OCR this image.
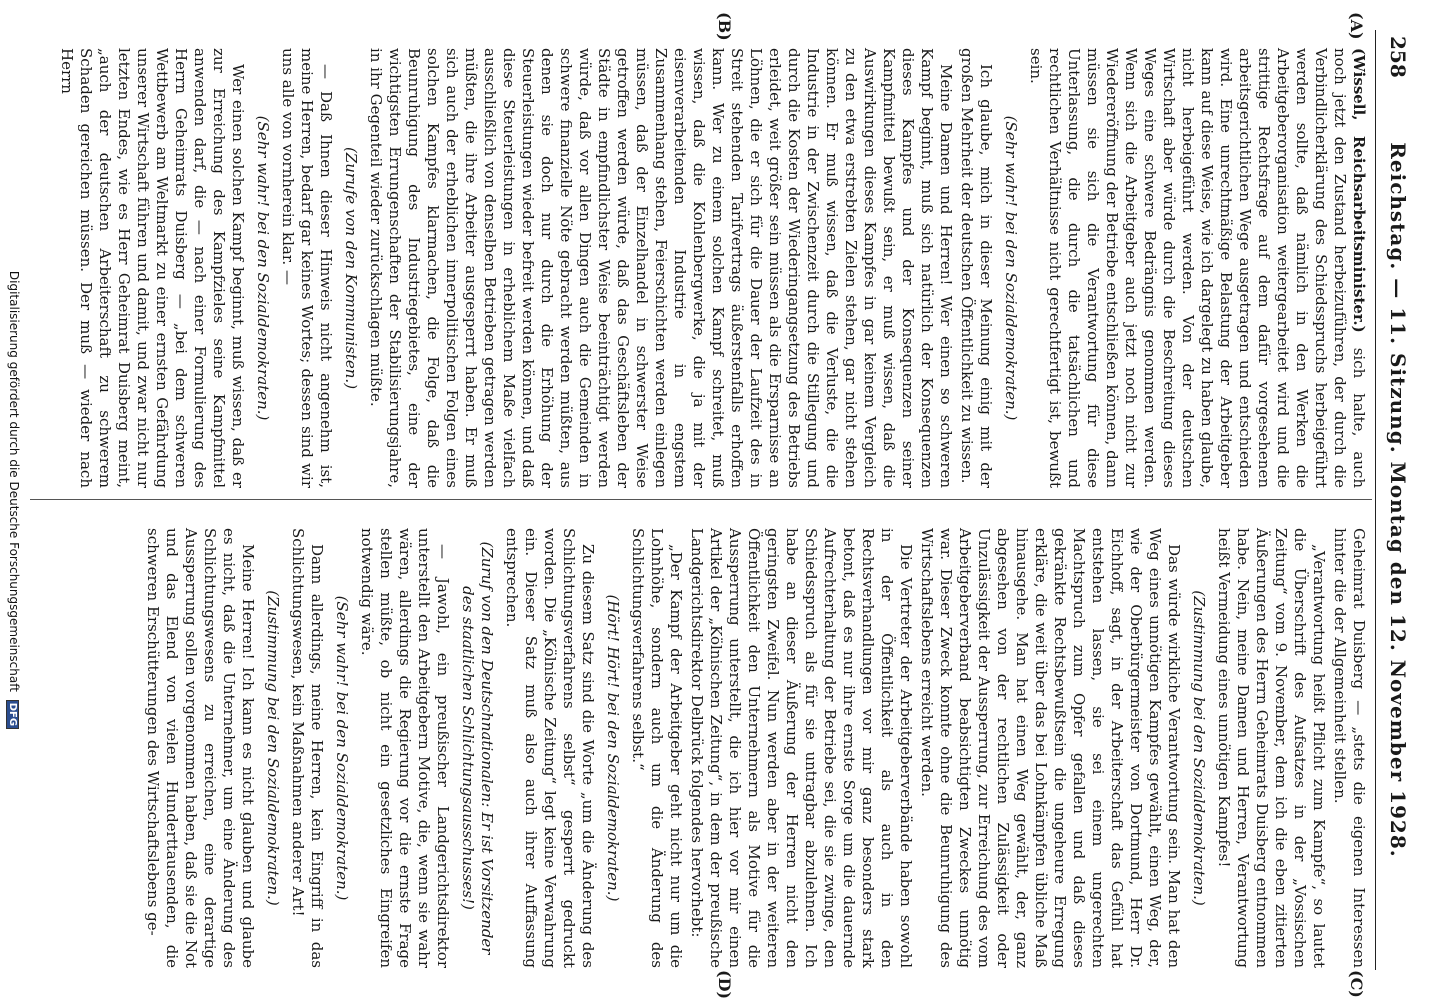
258
Reichstag. — 11. Sitzung. Montag den 12. November 1928.
(A)
(B)
(C)
(D)

(Wissell, Reichsarbeitsminister.) sich halte, auch noch jetzt den Zustand herbeizuführen, der durch die Verbindlicherklärung des Schiedsspruchs herbeigeführt werden sollte, daß nämlich in den Werken die Arbeitgeberorganisation weitergearbeitet wird und die strittige Rechtsfrage auf dem dafür vorgesehenen arbeitsgerichtlichen Wege ausgetragen und entschieden wird. Eine unrechtmäßige Belastung der Arbeitgeber kann auf diese Weise, wie ich dargelegt zu haben glaube, nicht herbeigeführt werden. Von der deutschen Wirtschaft aber würde durch die Beschreitung dieses Weges eine schwere Bedrängnis genommen werden. Wenn sich die Arbeitgeber auch jetzt noch nicht zur Wiedereröffnung der Betriebe entschließen können, dann müssen sie sich die Verantwortung für diese Unterlassung, die durch die tatsächlichen und rechtlichen Verhältnisse nicht gerechtfertigt ist, bewußt sein.

(Sehr wahr! bei den Sozialdemokraten.)

Ich glaube, mich in dieser Meinung einig mit der großen Mehrheit der deutschen Öffentlichkeit zu wissen.

Meine Damen und Herren! Wer einen so schweren Kampf beginnt, muß sich natürlich der Konsequenzen dieses Kampfes und der Konsequenzen seiner Kampfmittel bewußt sein, er muß wissen, daß die Auswirkungen dieses Kampfes in gar keinem Vergleich zu den etwa erstrebten Zielen stehen, gar nicht stehen können. Er muß wissen, daß die Verluste, die die Industrie in der Zwischenzeit durch die Stillegung und durch die Kosten der Wiederingangsetzung des Betriebs erleidet, weit größer sein müssen als die Ersparnisse an Löhnen, die er sich für die Dauer der Laufzeit des in Streit stehenden Tarifvertrags äußerstenfalls erhoffen kann. Wer zu einem solchen Kampf schreitet, muß wissen, daß die Kohlenbergwerke, die ja mit der eisenverarbeitenden Industrie in engstem Zusammenhang stehen, Feierschichten werden einlegen müssen, daß der Einzelhandel in schwerster Weise getroffen werden würde, daß das Geschäftsleben der Städte in empfindlichster Weise beeinträchtigt werden würde, daß vor allen Dingen auch die Gemeinden in schwere finanzielle Nöte gebracht werden müßten, aus denen sie doch nur durch die Erhöhung der Steuerleistungen wieder befreit werden können, und daß diese Steuerleistungen in erheblichem Maße vielfach ausschließlich von denselben Betrieben getragen werden müßten, die ihre Arbeiter ausgesperrt haben. Er muß sich auch der erheblichen innerpolitischen Folgen eines solchen Kampfes klarmachen, die Folge, daß die Beunruhigung des Industriegebietes, eine der wichtigsten Errungenschaften der Stabilisierungsjahre, in ihr Gegenteil wieder zurückschlagen müßte.

(Zurufe von den Kommunisten.)

— Daß Ihnen dieser Hinweis nicht angenehm ist, meine Herren, bedarf gar keines Wortes; dessen sind wir uns alle von vornherein klar. —

(Sehr wahr! bei den Sozialdemokraten.)

Wer einen solchen Kampf beginnt, muß wissen, daß er zur Erreichung des Kampfzieles seine Kampfmittel anwenden darf, die — nach einer Formulierung des Herrn Geheimrats Duisberg — „bei dem schweren Wettbewerb am Weltmarkt zu einer ernsten Gefährdung unserer Wirtschaft führen und damit, und zwar nicht nur letzten Endes, wie es Herr Geheimrat Duisberg meint, „auch der deutschen Arbeiterschaft zu schwerem Schaden gereichen müssen. Der muß — wieder nach Herrn

Geheimrat Duisberg — „stets die eigenen Interessen hinter die der Allgemeinheit stellen.

„Verantwortung heißt Pflicht zum Kampfe“, so lautet die Überschrift des Aufsatzes in der „Vossischen Zeitung“ vom 9. November, dem ich die eben zitierten Äußerungen des Herrn Geheimrats Duisberg entnommen habe. Nein, meine Damen und Herren, Verantwortung heißt Vermeidung eines unnötigen Kampfes!

(Zustimmung bei den Sozialdemokraten.)

Das würde wirkliche Verantwortung sein. Man hat den Weg eines unnötigen Kampfes gewählt, einen Weg, der, wie der Oberbürgermeister von Dortmund, Herr Dr. Eichhoff, sagt, in der Arbeiterschaft das Gefühl hat entstehen lassen, sie sei einem ungerechten Machtspruch zum Opfer gefallen und daß dieses gekränkte Rechtsbewußtsein die ungeheure Erregung erkläre, die weit über das bei Lohnkämpfen übliche Maß hinausgehe. Man hat einen Weg gewählt, der, ganz abgesehen von der rechtlichen Zulässigkeit oder Unzulässigkeit der Aussperrung, zur Erreichung des vom Arbeitgeberverband beabsichtigten Zweckes unnötig war. Dieser Zweck konnte ohne die Beunruhigung des Wirtschaftslebens erreicht werden.

Die Vertreter der Arbeitgeberverbände haben sowohl in der Öffentlichkeit als auch in den Rechtsverhandlungen vor mir ganz besonders stark betont, daß es nur ihre ernste Sorge um die dauernde Aufrechterhaltung der Betriebe sei, die sie zwinge, den Schiedsspruch als für sie untragbar abzulehnen. Ich habe an dieser Äußerung der Herren nicht den geringsten Zweifel. Nun werden aber in der weiteren Öffentlichkeit den Unternehmern als Motive für die Aussperrung unterstellt, die ich hier vor mir einen Artikel der „Kölnischen Zeitung“, in dem der preußische Landgerichtsdirektor Delbrück folgendes hervorhebt:

„Der Kampf der Arbeitgeber geht nicht nur um die Lohnhöhe, sondern auch um die Änderung des Schlichtungsverfahrens selbst.“

(Hört! Hört! bei den Sozialdemokraten.)

Zu diesem Satz sind die Worte „um die Änderung des Schlichtungsverfahrens selbst“ gesperrt gedruckt worden. Die „Kölnische Zeitung“ legt keine Verwahrung ein. Dieser Satz muß also auch ihrer Auffassung entsprechen.

(Zuruf von den Deutschnationalen: Er ist Vorsitzender des staatlichen Schlichtungsausschusses!)

— Jawohl, ein preußischer Landgerichtsdirektor unterstellt den Arbeitgebern Motive, die, wenn sie wahr wären, allerdings die Regierung vor die ernste Frage stellen müßte, ob nicht ein gesetzliches Eingreifen notwendig wäre.

(Sehr wahr! bei den Sozialdemokraten.)

Dann allerdings, meine Herren, kein Eingriff in das Schlichtungswesen, kein Maßnahmen anderer Art!

(Zustimmung bei den Sozialdemokraten.)

Meine Herren! Ich kann es nicht glauben und glaube es nicht, daß die Unternehmer, um eine Änderung des Schlichtungswesens zu erreichen, eine derartige Aussperrung sollen vorgenommen haben, daß sie die Not und das Elend von vielen Hunderttausenden, die schweren Erschütterungen des Wirtschaftslebens ge-

Digitalisierung gefördert durch die Deutsche Forschungsgemeinschaft DFG
